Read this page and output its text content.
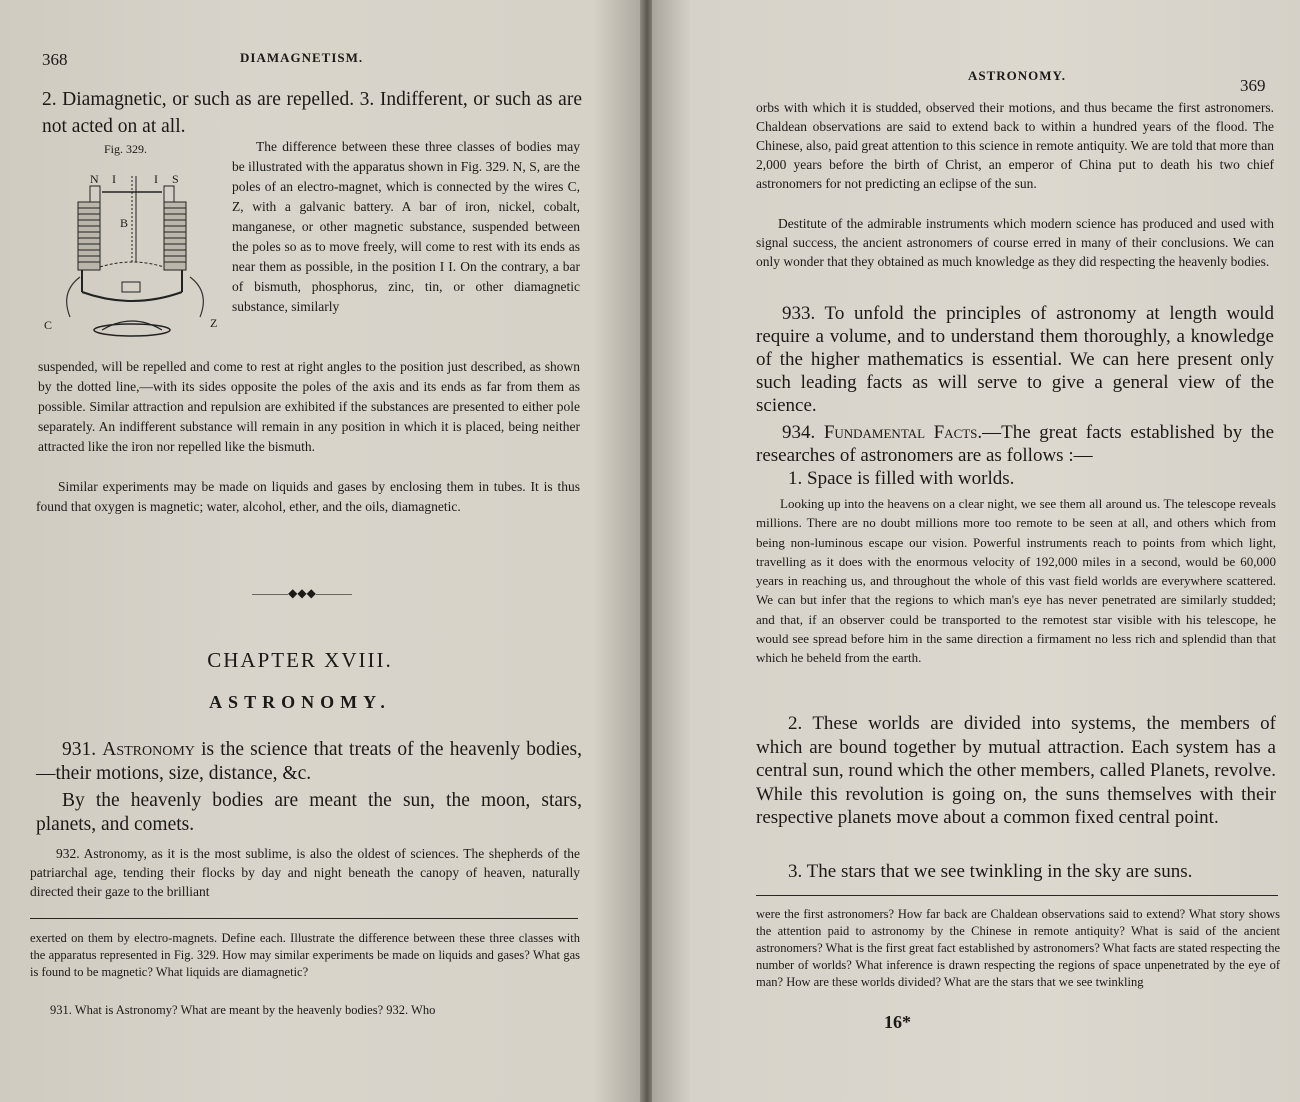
368	DIAMAGNETISM.

2. Diamagnetic, or such as are repelled. 3. Indifferent, or such as are not acted on at all.

Fig. 329.
N I	I S
B
C	Z

The difference between these three classes of bodies may be illustrated with the apparatus shown in Fig. 329. N, S, are the poles of an electro-magnet, which is connected by the wires C, Z, with a galvanic battery. A bar of iron, nickel, cobalt, manganese, or other magnetic substance, suspended between the poles so as to move freely, will come to rest with its ends as near them as possible, in the position I I. On the contrary, a bar of bismuth, phosphorus, zinc, tin, or other diamagnetic substance, similarly

suspended, will be repelled and come to rest at right angles to the position just described, as shown by the dotted line,—with its sides opposite the poles of the axis and its ends as far from them as possible. Similar attraction and repulsion are exhibited if the substances are presented to either pole separately. An indifferent substance will remain in any position in which it is placed, being neither attracted like the iron nor repelled like the bismuth.

Similar experiments may be made on liquids and gases by enclosing them in tubes. It is thus found that oxygen is magnetic; water, alcohol, ether, and the oils, diamagnetic.

———◆◆◆———
CHAPTER XVIII.
ASTRONOMY.

931. Astronomy is the science that treats of the heavenly bodies,—their motions, size, distance, &c.

By the heavenly bodies are meant the sun, the moon, stars, planets, and comets.

932. Astronomy, as it is the most sublime, is also the oldest of sciences. The shepherds of the patriarchal age, tending their flocks by day and night beneath the canopy of heaven, naturally directed their gaze to the brilliant

exerted on them by electro-magnets. Define each. Illustrate the difference between these three classes with the apparatus represented in Fig. 329. How may similar experiments be made on liquids and gases? What gas is found to be magnetic? What liquids are diamagnetic?

931. What is Astronomy? What are meant by the heavenly bodies? 932. Who

ASTRONOMY.
369

orbs with which it is studded, observed their motions, and thus became the first astronomers. Chaldean observations are said to extend back to within a hundred years of the flood. The Chinese, also, paid great attention to this science in remote antiquity. We are told that more than 2,000 years before the birth of Christ, an emperor of China put to death his two chief astronomers for not predicting an eclipse of the sun.

Destitute of the admirable instruments which modern science has produced and used with signal success, the ancient astronomers of course erred in many of their conclusions. We can only wonder that they obtained as much knowledge as they did respecting the heavenly bodies.

933. To unfold the principles of astronomy at length would require a volume, and to understand them thoroughly, a knowledge of the higher mathematics is essential. We can here present only such leading facts as will serve to give a general view of the science.

934. Fundamental Facts.—The great facts established by the researches of astronomers are as follows :—

1. Space is filled with worlds.

Looking up into the heavens on a clear night, we see them all around us. The telescope reveals millions. There are no doubt millions more too remote to be seen at all, and others which from being non-luminous escape our vision. Powerful instruments reach to points from which light, travelling as it does with the enormous velocity of 192,000 miles in a second, would be 60,000 years in reaching us, and throughout the whole of this vast field worlds are everywhere scattered. We can but infer that the regions to which man's eye has never penetrated are similarly studded; and that, if an observer could be transported to the remotest star visible with his telescope, he would see spread before him in the same direction a firmament no less rich and splendid than that which he beheld from the earth.

2. These worlds are divided into systems, the members of which are bound together by mutual attraction. Each system has a central sun, round which the other members, called Planets, revolve. While this revolution is going on, the suns themselves with their respective planets move about a common fixed central point.

3. The stars that we see twinkling in the sky are suns.

were the first astronomers? How far back are Chaldean observations said to extend? What story shows the attention paid to astronomy by the Chinese in remote antiquity? What is said of the ancient astronomers? What is the first great fact established by astronomers? What facts are stated respecting the number of worlds? What inference is drawn respecting the regions of space unpenetrated by the eye of man? How are these worlds divided? What are the stars that we see twinkling

16*
